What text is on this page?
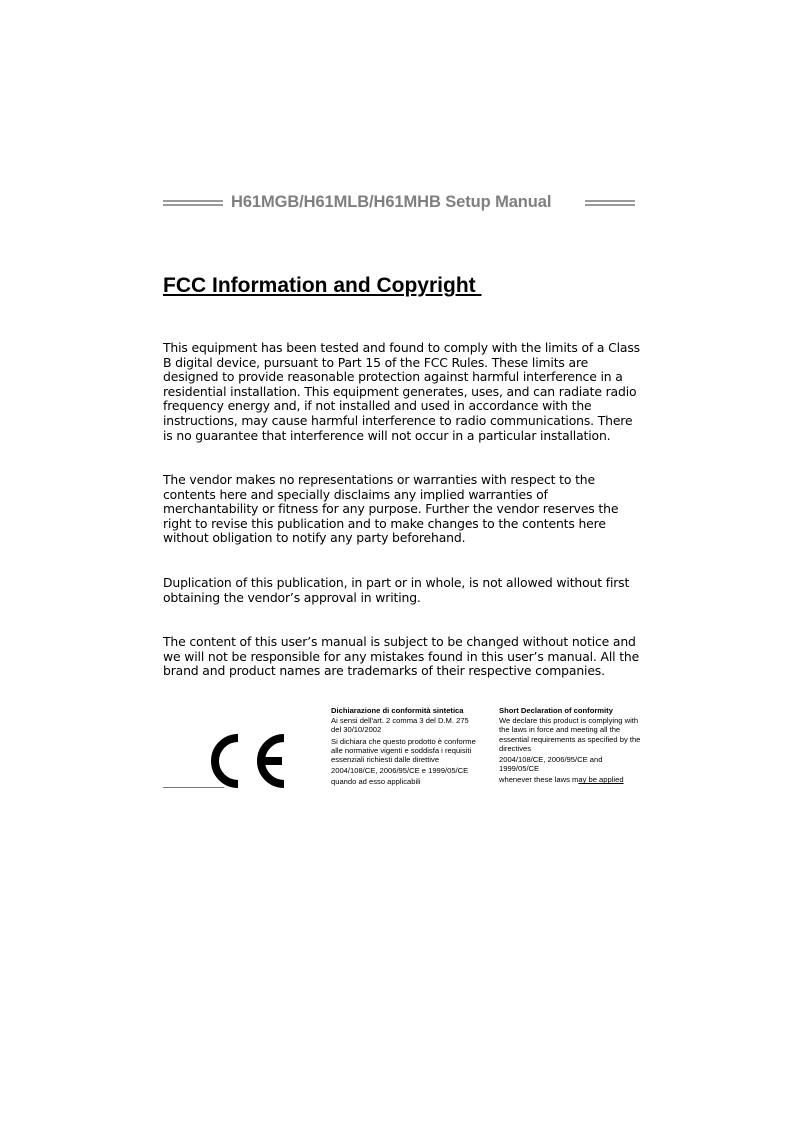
H61MGB/H61MLB/H61MHB Setup Manual
FCC Information and Copyright

This equipment has been tested and found to comply with the limits of a Class B digital device, pursuant to Part 15 of the FCC Rules. These limits are designed to provide reasonable protection against harmful interference in a residential installation. This equipment generates, uses, and can radiate radio frequency energy and, if not installed and used in accordance with the instructions, may cause harmful interference to radio communications. There is no guarantee that interference will not occur in a particular installation.

The vendor makes no representations or warranties with respect to the contents here and specially disclaims any implied warranties of merchantability or fitness for any purpose. Further the vendor reserves the right to revise this publication and to make changes to the contents here without obligation to notify any party beforehand.

Duplication of this publication, in part or in whole, is not allowed without first obtaining the vendor’s approval in writing.

The content of this user’s manual is subject to be changed without notice and we will not be responsible for any mistakes found in this user’s manual. All the brand and product names are trademarks of their respective companies.

Dichiarazione di conformità sintetica

Ai sensi dell'art. 2 comma 3 del D.M. 275 del 30/10/2002

Si dichiara che questo prodotto è conforme alle normative vigenti e soddisfa i requisiti essenziali richiesti dalle direttive

2004/108/CE, 2006/95/CE e 1999/05/CE

quando ad esso applicabili

Short Declaration of conformity

We declare this product is complying with the laws in force and meeting all the essential requirements as specified by the directives

2004/108/CE, 2006/95/CE and 1999/05/CE

whenever these laws may be applied
